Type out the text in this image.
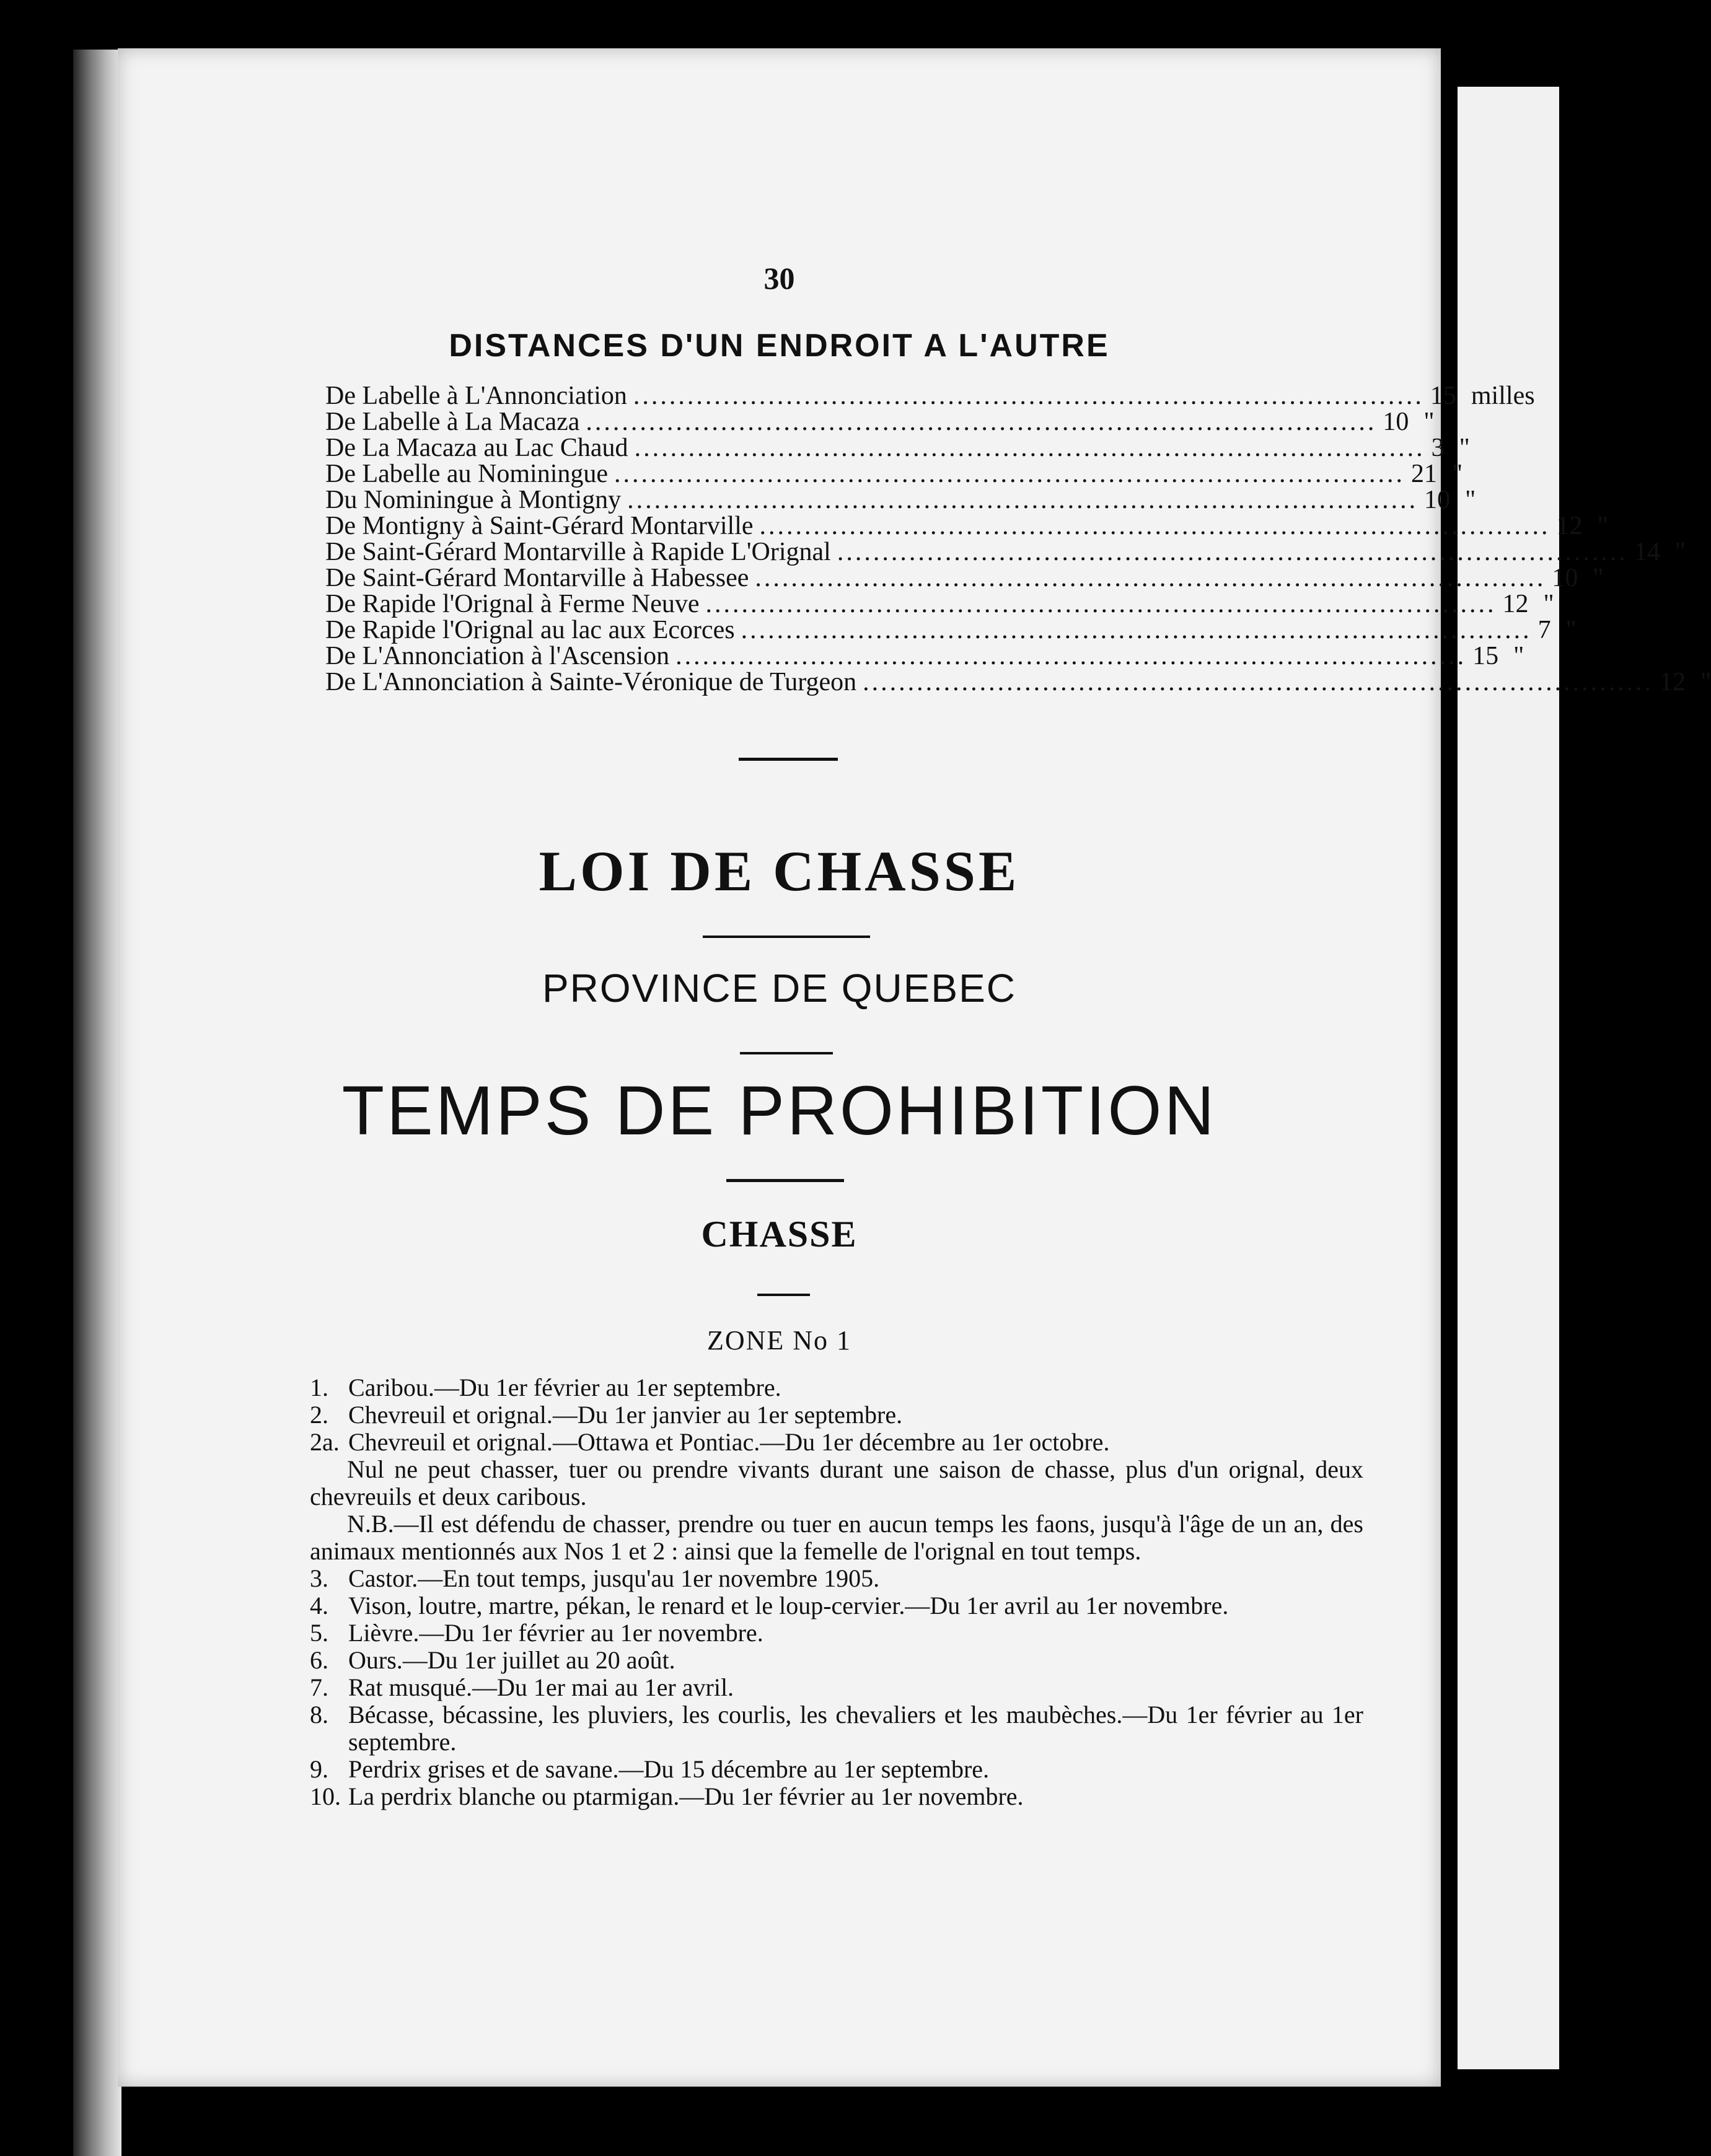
30
DISTANCES D'UN ENDROIT A L'AUTRE
De Labelle à L'Annonciation ........................................................................................ 15 milles
De Labelle à La Macaza ........................................................................................ 10 "
De La Macaza au Lac Chaud ........................................................................................ 3 "
De Labelle au Nominingue ........................................................................................ 21 "
Du Nominingue à Montigny ........................................................................................ 10 "
De Montigny à Saint-Gérard Montarville ........................................................................................ 12 "
De Saint-Gérard Montarville à Rapide L'Orignal ........................................................................................ 14 "
De Saint-Gérard Montarville à Habessee ........................................................................................ 10 "
De Rapide l'Orignal à Ferme Neuve ........................................................................................ 12 "
De Rapide l'Orignal au lac aux Ecorces ........................................................................................ 7 "
De L'Annonciation à l'Ascension ........................................................................................ 15 "
De L'Annonciation à Sainte-Véronique de Turgeon ........................................................................................ 12 "
LOI DE CHASSE
PROVINCE DE QUEBEC
TEMPS DE PROHIBITION
CHASSE
ZONE No 1
1. Caribou.—Du 1er février au 1er septembre.
2. Chevreuil et orignal.—Du 1er janvier au 1er septembre.
2a. Chevreuil et orignal.—Ottawa et Pontiac.—Du 1er décembre au 1er octobre.
Nul ne peut chasser, tuer ou prendre vivants durant une saison de chasse, plus d'un orignal, deux chevreuils et deux caribous.
N.B.—Il est défendu de chasser, prendre ou tuer en aucun temps les faons, jusqu'à l'âge de un an, des animaux mentionnés aux Nos 1 et 2 : ainsi que la femelle de l'orignal en tout temps.
3. Castor.—En tout temps, jusqu'au 1er novembre 1905.
4. Vison, loutre, martre, pékan, le renard et le loup-cervier.—Du 1er avril au 1er novembre.
5. Lièvre.—Du 1er février au 1er novembre.
6. Ours.—Du 1er juillet au 20 août.
7. Rat musqué.—Du 1er mai au 1er avril.
8. Bécasse, bécassine, les pluviers, les courlis, les chevaliers et les maubèches.—Du 1er février au 1er septembre.
9. Perdrix grises et de savane.—Du 15 décembre au 1er septembre.
10. La perdrix blanche ou ptarmigan.—Du 1er février au 1er novembre.
